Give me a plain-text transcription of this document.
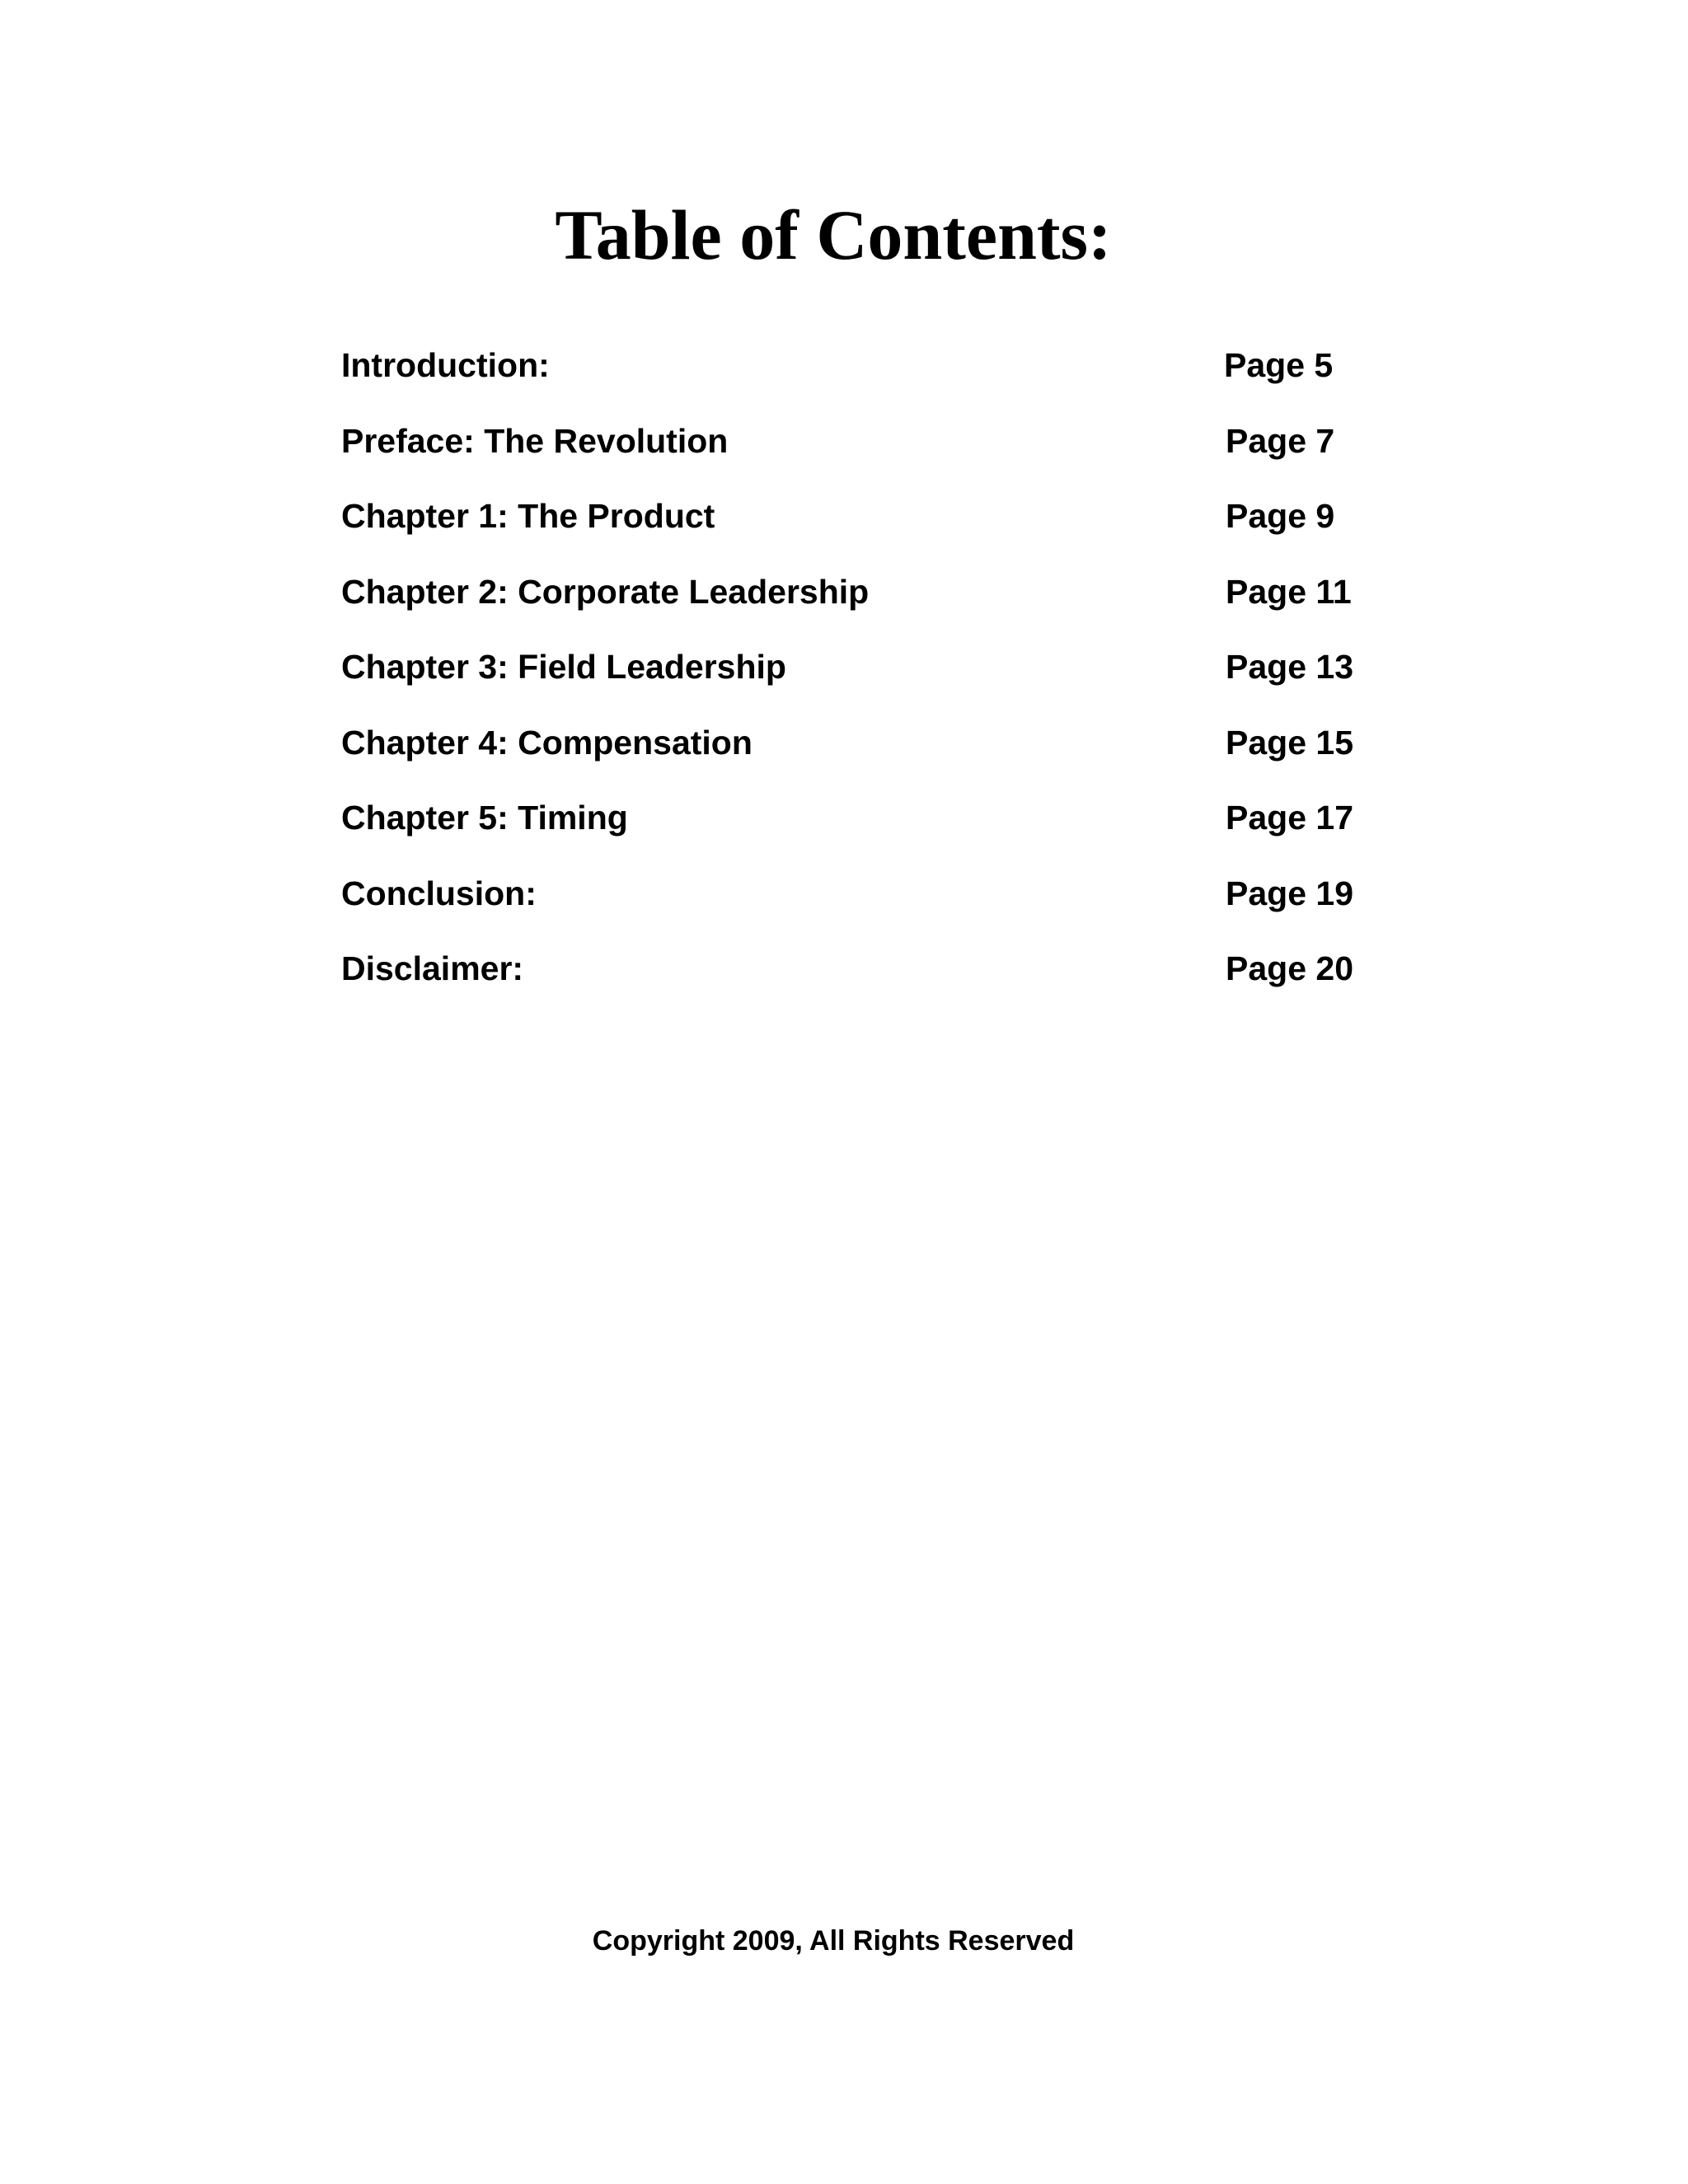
Table of Contents:
Introduction:	Page 5
Preface: The Revolution	Page 7
Chapter 1: The Product	Page 9
Chapter 2: Corporate Leadership	Page 11
Chapter 3: Field Leadership	Page 13
Chapter 4: Compensation	Page 15
Chapter 5: Timing	Page 17
Conclusion:	Page 19
Disclaimer:	Page 20

Copyright 2009, All Rights Reserved
